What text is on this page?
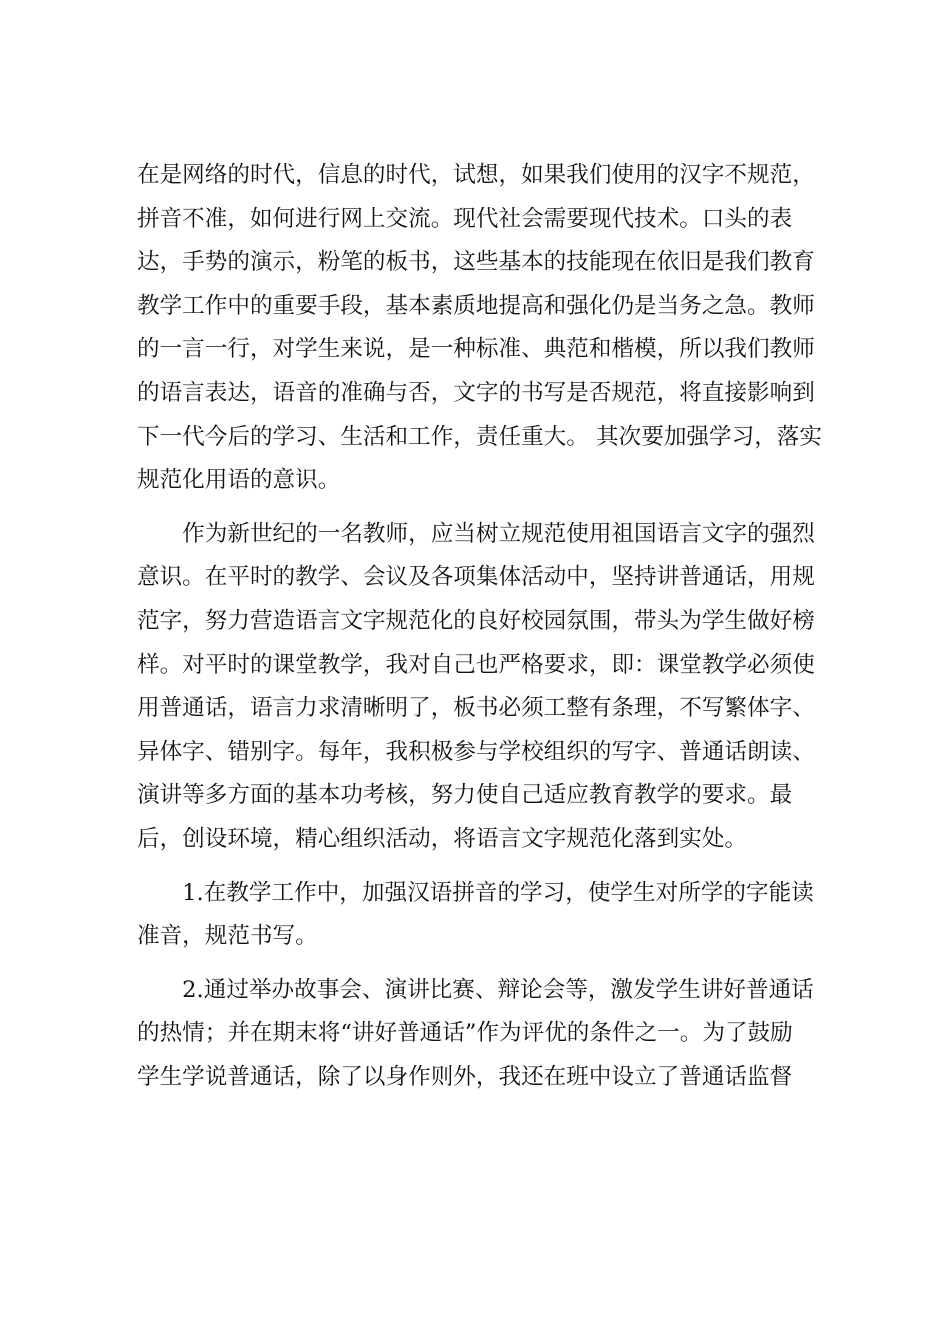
在是网络的时代，信息的时代，试想，如果我们使用的汉字不规范，
拼音不准，如何进行网上交流。现代社会需要现代技术。口头的表
达，手势的演示，粉笔的板书，这些基本的技能现在依旧是我们教育
教学工作中的重要手段，基本素质地提高和强化仍是当务之急。教师
的一言一行，对学生来说，是一种标准、典范和楷模，所以我们教师
的语言表达，语音的准确与否，文字的书写是否规范，将直接影响到
下一代今后的学习、生活和工作，责任重大。 其次要加强学习，落实
规范化用语的意识。
　　作为新世纪的一名教师，应当树立规范使用祖国语言文字的强烈
意识。在平时的教学、会议及各项集体活动中，坚持讲普通话，用规
范字，努力营造语言文字规范化的良好校园氛围，带头为学生做好榜
样。对平时的课堂教学，我对自己也严格要求，即：课堂教学必须使
用普通话，语言力求清晰明了，板书必须工整有条理，不写繁体字、
异体字、错别字。每年，我积极参与学校组织的写字、普通话朗读、
演讲等多方面的基本功考核，努力使自己适应教育教学的要求。最
后，创设环境，精心组织活动，将语言文字规范化落到实处。
　　1.在教学工作中，加强汉语拼音的学习，使学生对所学的字能读
准音，规范书写。
　　2.通过举办故事会、演讲比赛、辩论会等，激发学生讲好普通话
的热情；并在期末将“讲好普通话”作为评优的条件之一。为了鼓励
学生学说普通话，除了以身作则外，我还在班中设立了普通话监督
